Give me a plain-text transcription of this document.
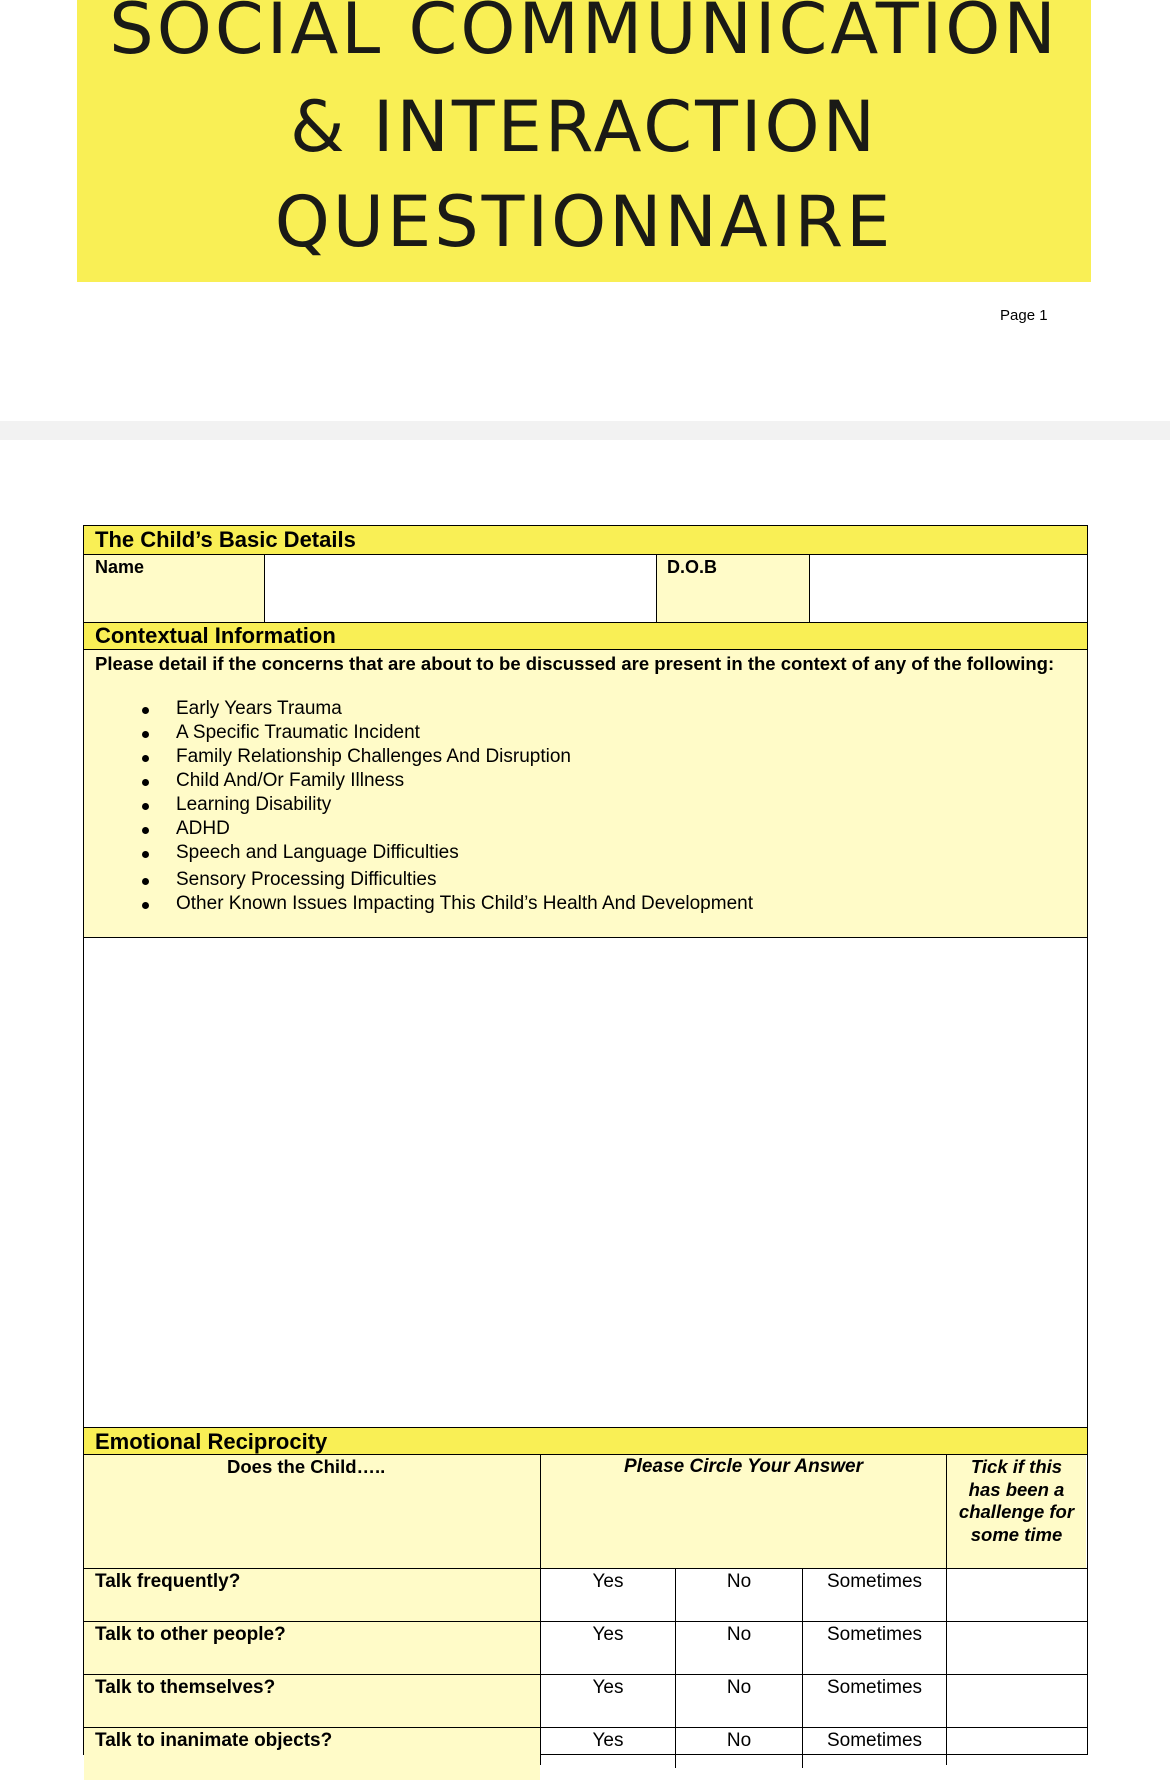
SOCIAL COMMUNICATION
& INTERACTION
QUESTIONNAIRE
Page 1
The Child’s Basic Details
Name	D.O.B
Contextual Information
Please detail if the concerns that are about to be discussed are present in the context of any of the following:
Early Years Trauma
A Specific Traumatic Incident
Family Relationship Challenges And Disruption
Child And/Or Family Illness
Learning Disability
ADHD
Speech and Language Difficulties
Sensory Processing Difficulties
Other Known Issues Impacting This Child’s Health And Development
Emotional Reciprocity
Does the Child…..	Please Circle Your Answer	Tick if this has been a challenge for some time
Talk frequently?	Yes	No	Sometimes
Talk to other people?	Yes	No	Sometimes
Talk to themselves?	Yes	No	Sometimes
Talk to inanimate objects?	Yes	No	Sometimes
